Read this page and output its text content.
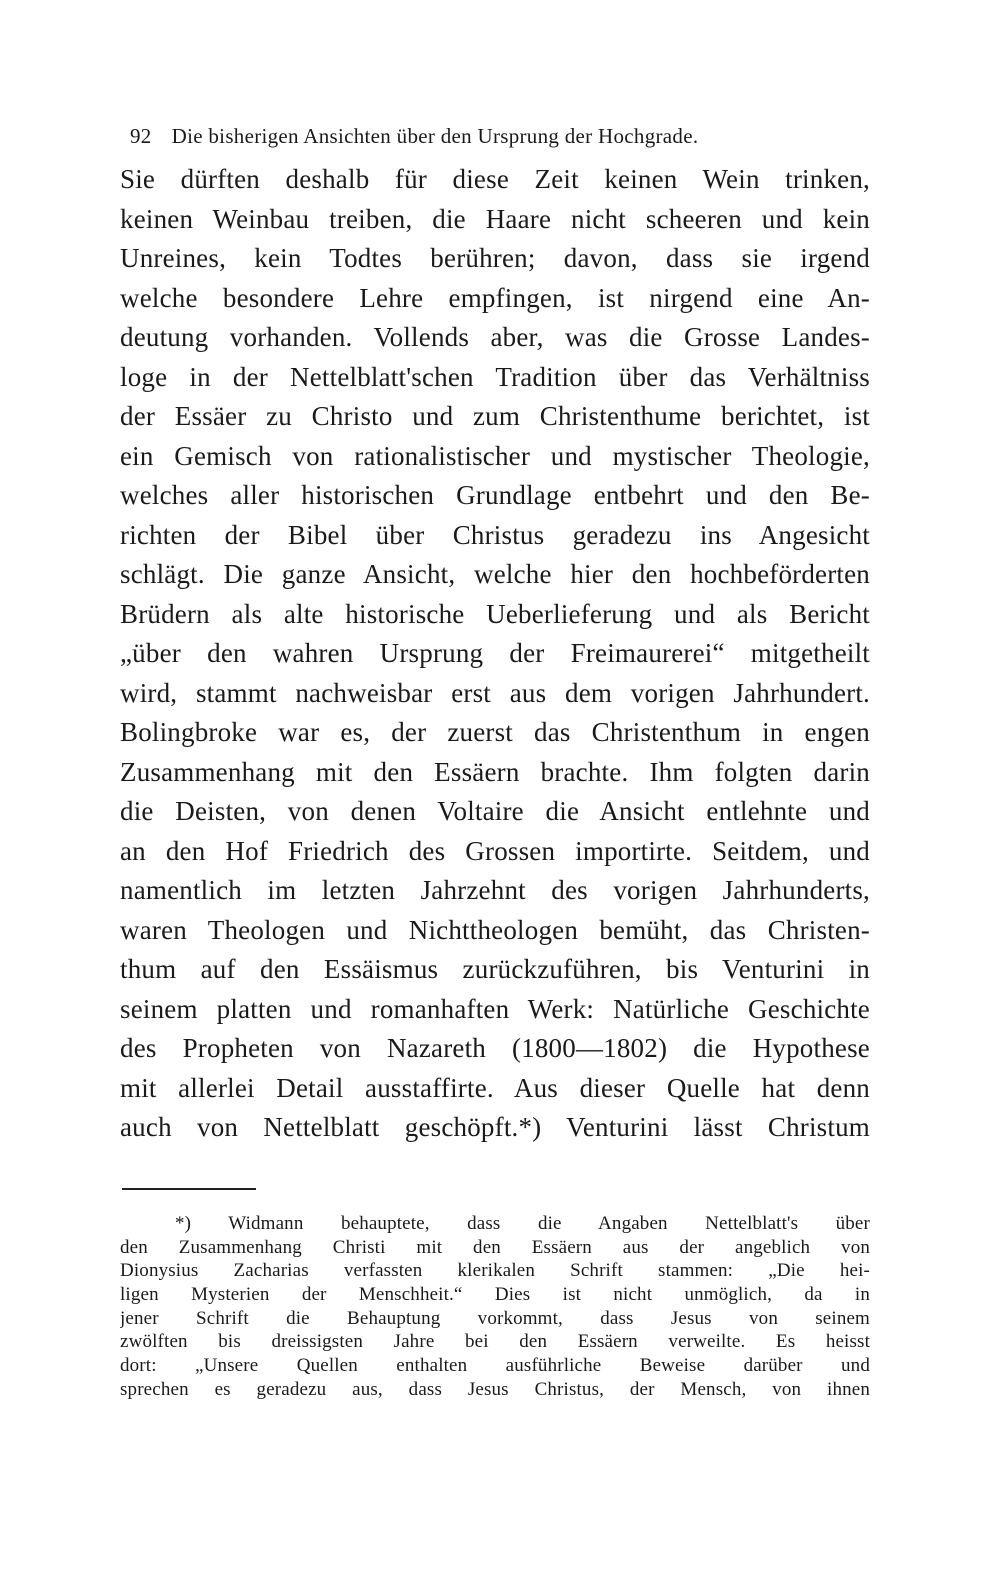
92 Die bisherigen Ansichten über den Ursprung der Hochgrade.
Sie dürften deshalb für diese Zeit keinen Wein trinken,
keinen Weinbau treiben, die Haare nicht scheeren und kein
Unreines, kein Todtes berühren; davon, dass sie irgend
welche besondere Lehre empfingen, ist nirgend eine An-
deutung vorhanden. Vollends aber, was die Grosse Landes-
loge in der Nettelblatt'schen Tradition über das Verhältniss
der Essäer zu Christo und zum Christenthume berichtet, ist
ein Gemisch von rationalistischer und mystischer Theologie,
welches aller historischen Grundlage entbehrt und den Be-
richten der Bibel über Christus geradezu ins Angesicht
schlägt. Die ganze Ansicht, welche hier den hochbeförderten
Brüdern als alte historische Ueberlieferung und als Bericht
„über den wahren Ursprung der Freimaurerei“ mitgetheilt
wird, stammt nachweisbar erst aus dem vorigen Jahrhundert.
Bolingbroke war es, der zuerst das Christenthum in engen
Zusammenhang mit den Essäern brachte. Ihm folgten darin
die Deisten, von denen Voltaire die Ansicht entlehnte und
an den Hof Friedrich des Grossen importirte. Seitdem, und
namentlich im letzten Jahrzehnt des vorigen Jahrhunderts,
waren Theologen und Nichttheologen bemüht, das Christen-
thum auf den Essäismus zurückzuführen, bis Venturini in
seinem platten und romanhaften Werk: Natürliche Geschichte
des Propheten von Nazareth (1800—1802) die Hypothese
mit allerlei Detail ausstaffirte. Aus dieser Quelle hat denn
auch von Nettelblatt geschöpft.*) Venturini lässt Christum
*) Widmann behauptete, dass die Angaben Nettelblatt's über
den Zusammenhang Christi mit den Essäern aus der angeblich von
Dionysius Zacharias verfassten klerikalen Schrift stammen: „Die hei-
ligen Mysterien der Menschheit.“ Dies ist nicht unmöglich, da in
jener Schrift die Behauptung vorkommt, dass Jesus von seinem
zwölften bis dreissigsten Jahre bei den Essäern verweilte. Es heisst
dort: „Unsere Quellen enthalten ausführliche Beweise darüber und
sprechen es geradezu aus, dass Jesus Christus, der Mensch, von ihnen
